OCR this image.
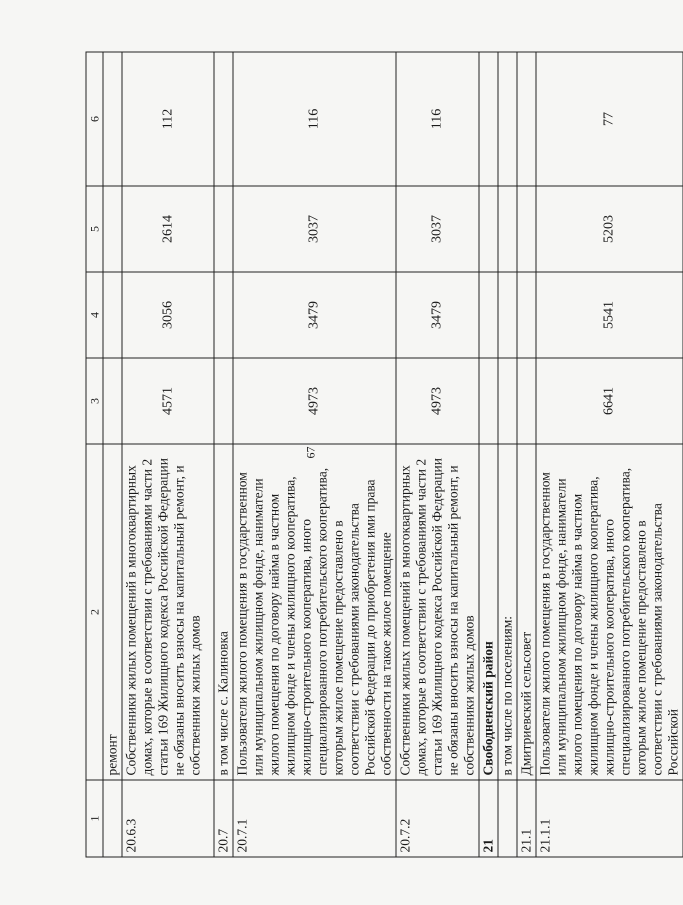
67
1	2	3	4	5	6
	ремонт				
20.6.3	Собственники жилых помещений в многоквартирных домах, которые в соответствии с требованиями части 2 статьи 169 Жилищного кодекса Российской Федерации не обязаны вносить взносы на капитальный ремонт, и собственники жилых домов	4571	3056	2614	112
20.7	в том числе с. Калиновка				
20.7.1	Пользователи жилого помещения в государственном или муниципальном жилищном фонде, наниматели жилого помещения по договору найма в частном жилищном фонде и члены жилищного кооператива, жилищно-строительного кооператива, иного специализированного потребительского кооператива, которым жилое помещение предоставлено в соответствии с требованиями законодательства Российской Федерации до приобретения ими права собственности на такое жилое помещение	4973	3479	3037	116
20.7.2	Собственники жилых помещений в многоквартирных домах, которые в соответствии с требованиями части 2 статьи 169 Жилищного кодекса Российской Федерации не обязаны вносить взносы на капитальный ремонт, и собственники жилых домов	4973	3479	3037	116
21	Свободненский район				
	в том числе по поселениям:				
21.1	Дмитриевский сельсовет				
21.1.1	Пользователи жилого помещения в государственном или муниципальном жилищном фонде, наниматели жилого помещения по договору найма в частном жилищном фонде и члены жилищного кооператива, жилищно-строительного кооператива, иного специализированного потребительского кооператива, которым жилое помещение предоставлено в соответствии с требованиями законодательства Российской	6641	5541	5203	77
